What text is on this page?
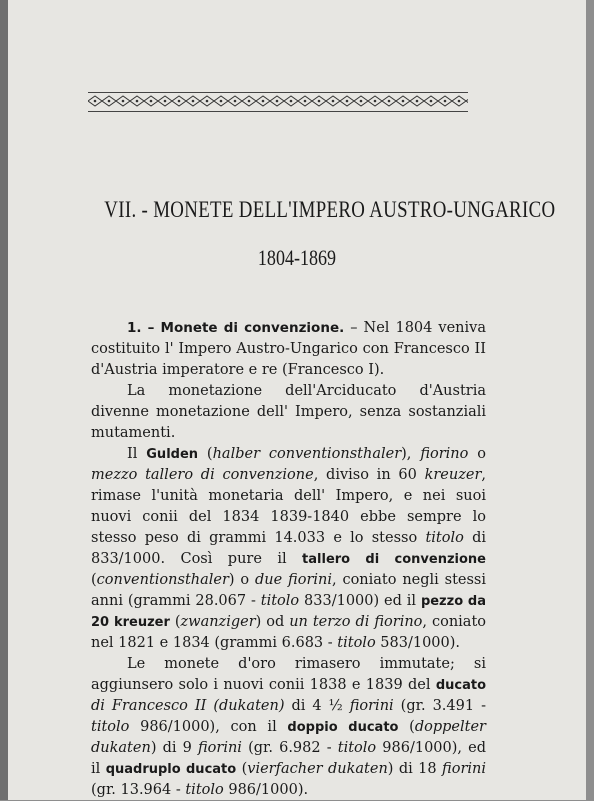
VII. - MONETE DELL'IMPERO AUSTRO-UNGARICO
1804-1869

1. – Monete di convenzione. – Nel 1804 veniva costituito l' Impero Austro-Ungarico con Francesco II d'Austria imperatore e re (Francesco I).

La monetazione dell'Arciducato d'Austria divenne monetazione dell' Impero, senza sostanziali mutamenti.

Il Gulden (halber conventionsthaler), fiorino o mezzo tallero di convenzione, diviso in 60 kreuzer, rimase l'unità monetaria dell' Impero, e nei suoi nuovi conii del 1834 1839-1840 ebbe sempre lo stesso peso di grammi 14.033 e lo stesso titolo di 833/1000. Così pure il tallero di convenzione (conventionsthaler) o due fiorini, coniato negli stessi anni (grammi 28.067 - titolo 833/1000) ed il pezzo da 20 kreuzer (zwanziger) od un terzo di fiorino, coniato nel 1821 e 1834 (grammi 6.683 - titolo 583/1000).

Le monete d'oro rimasero immutate; si aggiunsero solo i nuovi conii 1838 e 1839 del ducato di Francesco II (dukaten) di 4 ½ fiorini (gr. 3.491 - titolo 986/1000), con il doppio ducato (doppelter dukaten) di 9 fiorini (gr. 6.982 - titolo 986/1000), ed il quadruplo ducato (vierfacher dukaten) di 18 fiorini (gr. 13.964 - titolo 986/1000).
